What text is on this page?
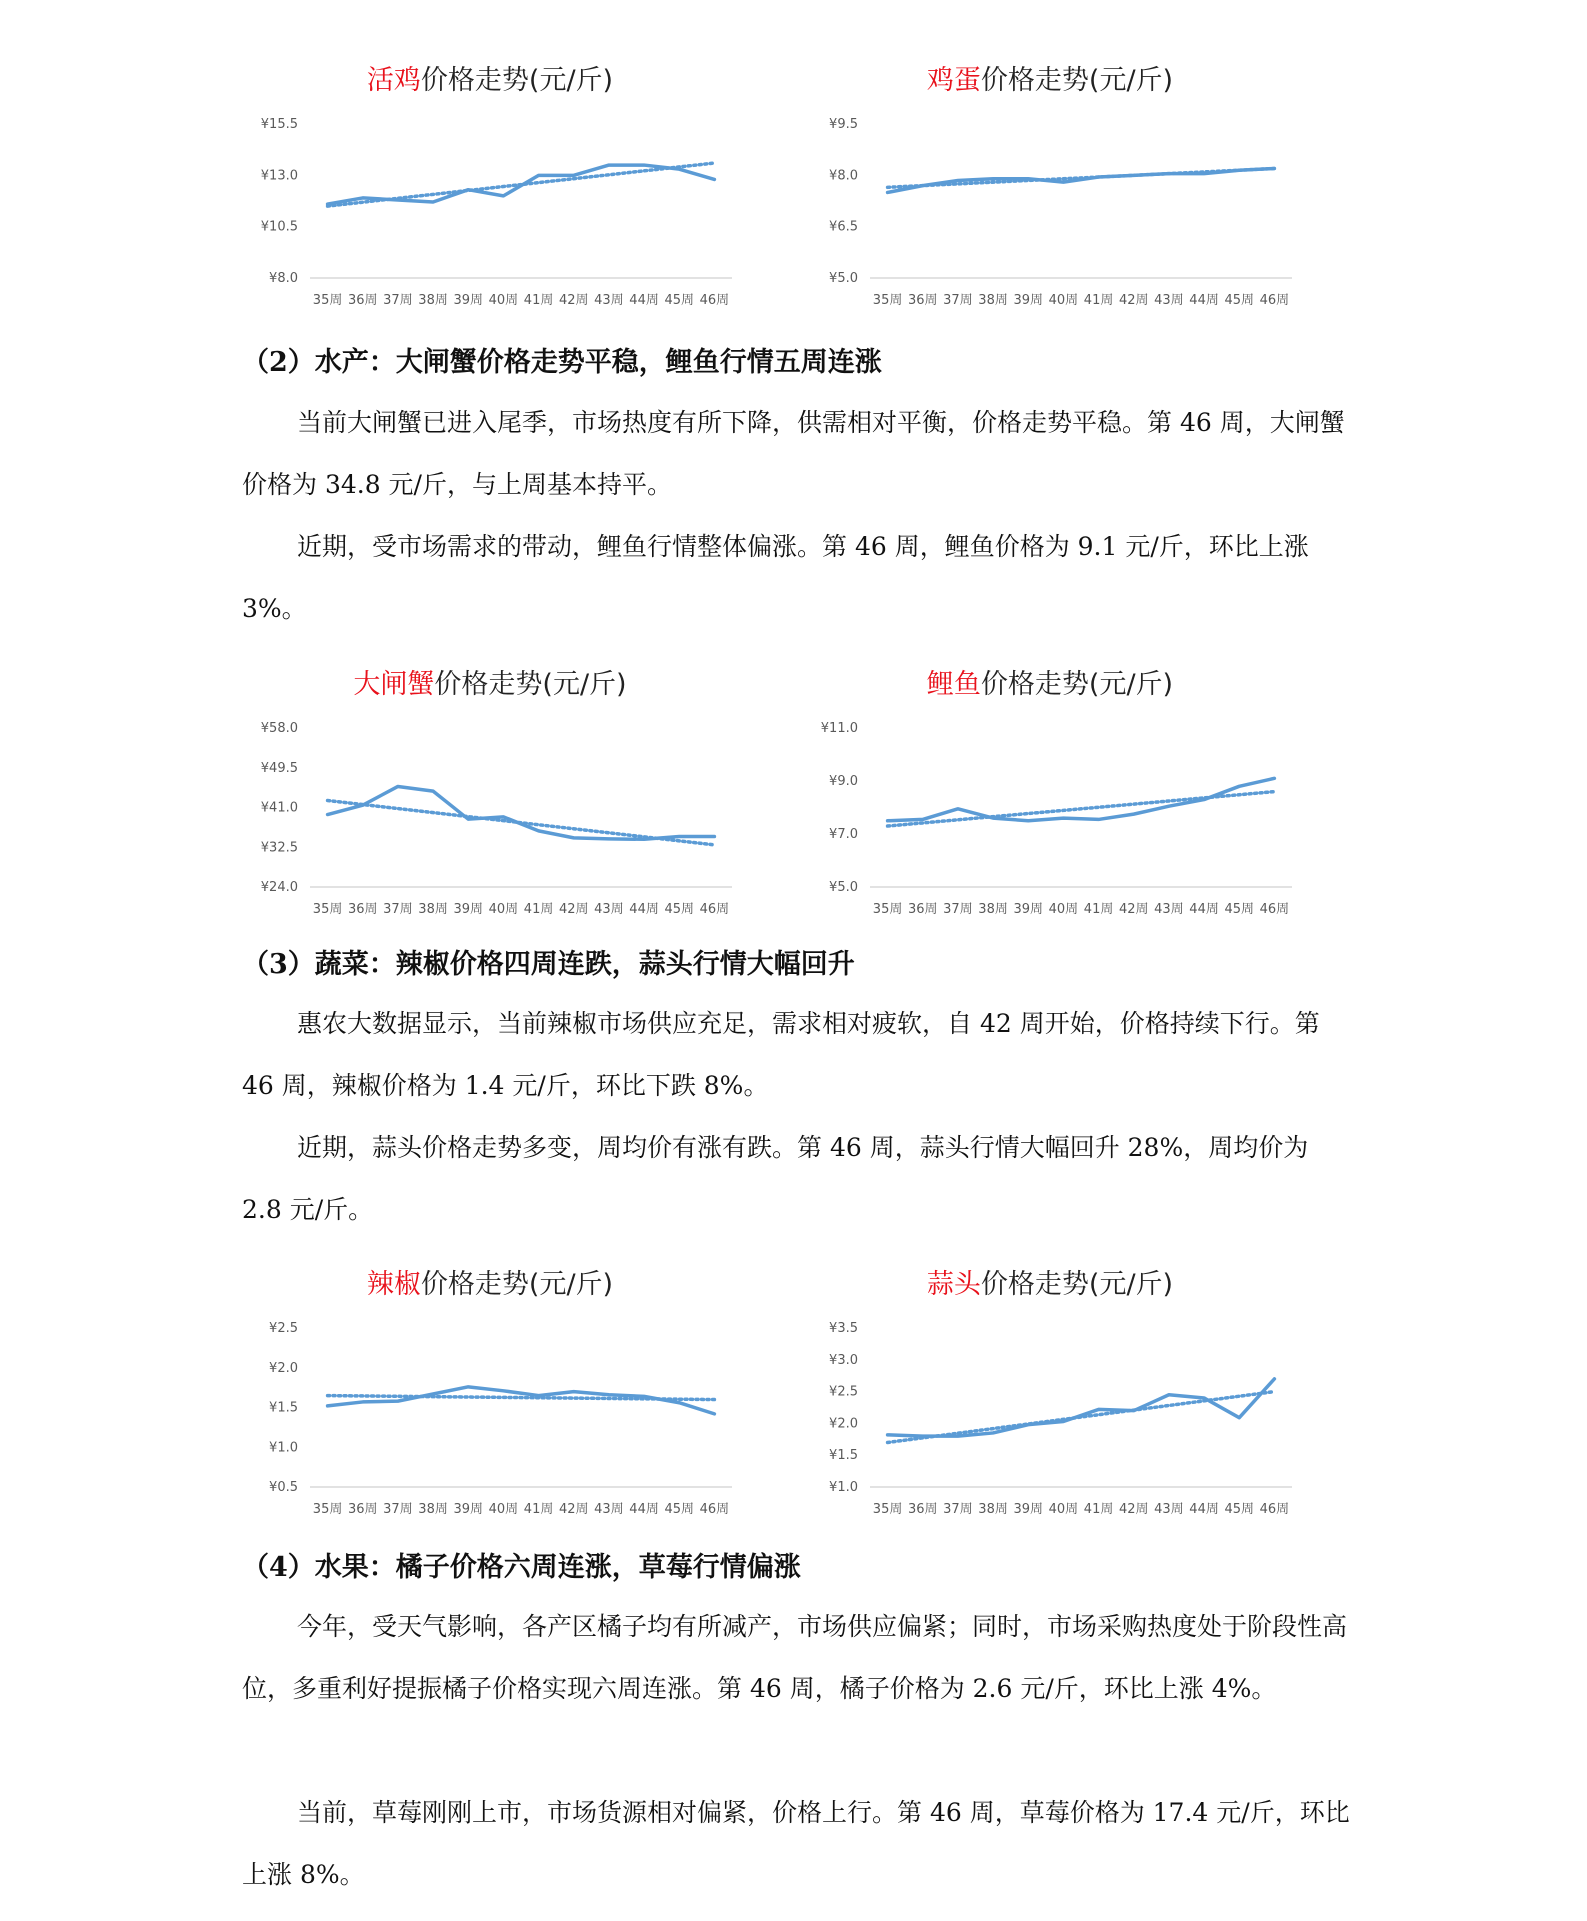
¥15.5
¥13.0
¥10.5
¥8.0
35周 36周 37周 38周 39周 40周 41周 42周 43周 44周 45周 46周
活鸡价格走势(元/斤)
¥9.5
¥8.0
¥6.5
¥5.0
35周 36周 37周 38周 39周 40周 41周 42周 43周 44周 45周 46周
鸡蛋价格走势(元/斤)
（2）水产：大闸蟹价格走势平稳，鲤鱼行情五周连涨

当前大闸蟹已进入尾季，市场热度有所下降，供需相对平衡，价格走势平稳。第 46 周，大闸蟹价格为 34.8 元/斤，与上周基本持平。

近期，受市场需求的带动，鲤鱼行情整体偏涨。第 46 周，鲤鱼价格为 9.1 元/斤，环比上涨 3%。

¥58.0
¥49.5
¥41.0
¥32.5
¥24.0
35周 36周 37周 38周 39周 40周 41周 42周 43周 44周 45周 46周
大闸蟹价格走势(元/斤)
¥11.0
¥9.0
¥7.0
¥5.0
35周 36周 37周 38周 39周 40周 41周 42周 43周 44周 45周 46周
鲤鱼价格走势(元/斤)
（3）蔬菜：辣椒价格四周连跌，蒜头行情大幅回升

惠农大数据显示，当前辣椒市场供应充足，需求相对疲软，自 42 周开始，价格持续下行。第 46 周，辣椒价格为 1.4 元/斤，环比下跌 8%。

近期，蒜头价格走势多变，周均价有涨有跌。第 46 周，蒜头行情大幅回升 28%，周均价为 2.8 元/斤。

¥2.5
¥2.0
¥1.5
¥1.0
¥0.5
35周 36周 37周 38周 39周 40周 41周 42周 43周 44周 45周 46周
辣椒价格走势(元/斤)
¥3.5
¥3.0
¥2.5
¥2.0
¥1.5
¥1.0
35周 36周 37周 38周 39周 40周 41周 42周 43周 44周 45周 46周
蒜头价格走势(元/斤)
（4）水果：橘子价格六周连涨，草莓行情偏涨

今年，受天气影响，各产区橘子均有所减产，市场供应偏紧；同时，市场采购热度处于阶段性高位，多重利好提振橘子价格实现六周连涨。第 46 周，橘子价格为 2.6 元/斤，环比上涨 4%。

当前，草莓刚刚上市，市场货源相对偏紧，价格上行。第 46 周，草莓价格为 17.4 元/斤，环比上涨 8%。
